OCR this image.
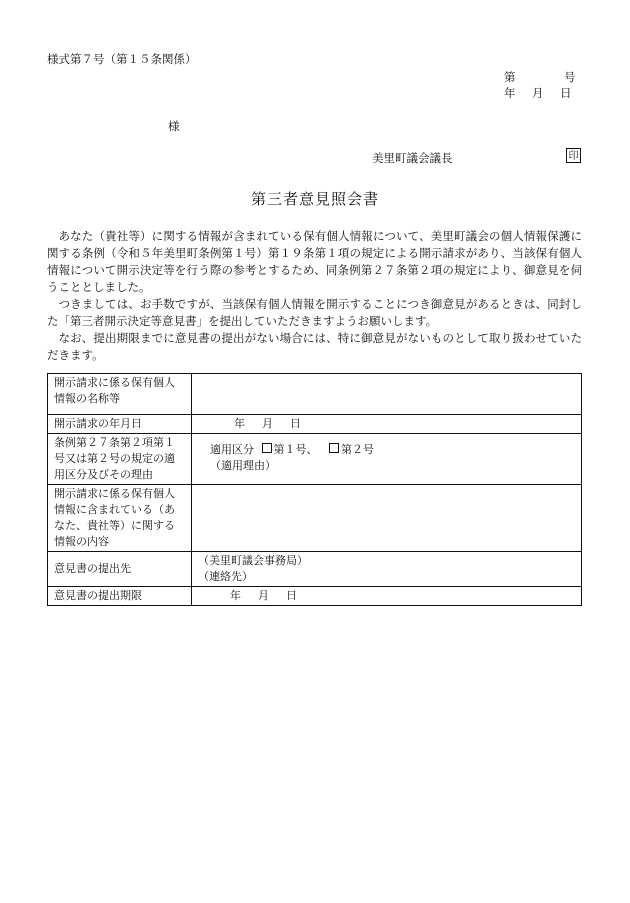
様式第７号（第１５条関係）
第	号
年 月 日
様
美里町議会議長	印
第三者意見照会書

あなた（貴社等）に関する情報が含まれている保有個人情報について、美里町議会の個人情報保護に関する条例（令和５年美里町条例第１号）第１９条第１項の規定による開示請求があり、当該保有個人情報について開示決定等を行う際の参考とするため、同条例第２７条第２項の規定により、御意見を伺うこととしました。

つきましては、お手数ですが、当該保有個人情報を開示することにつき御意見があるときは、同封した「第三者開示決定等意見書」を提出していただきますようお願いします。

なお、提出期限までに意見書の提出がない場合には、特に御意見がないものとして取り扱わせていただきます。

開示請求に係る保有個人情報の名称等	
開示請求の年月日	年 月 日
条例第２７条第２項第１号又は第２号の規定の適用区分及びその理由	適用区分 第１号、 第２号
（適用理由）

開示請求に係る保有個人情報に含まれている（あなた、貴社等）に関する情報の内容	
意見書の提出先	（美里町議会事務局）
（連絡先）

意見書の提出期限	年 月 日
